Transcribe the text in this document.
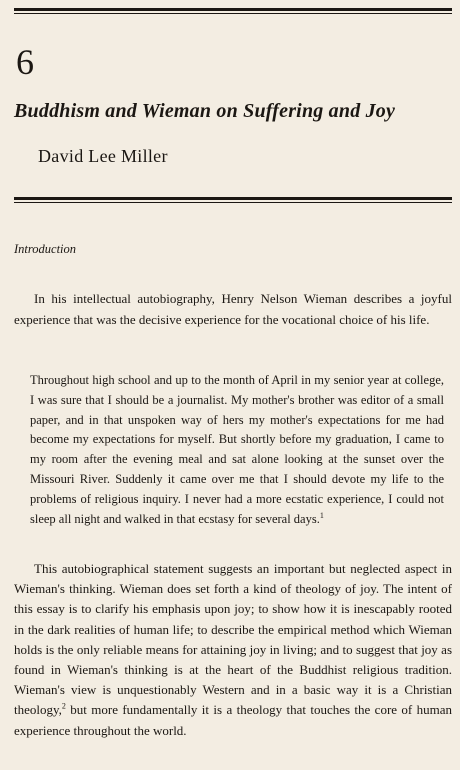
6
Buddhism and Wieman on Suffering and Joy
David Lee Miller
Introduction

In his intellectual autobiography, Henry Nelson Wieman describes a joyful experience that was the decisive experience for the vocational choice of his life.

Throughout high school and up to the month of April in my senior year at college, I was sure that I should be a journalist. My mother's brother was editor of a small paper, and in that unspoken way of hers my mother's expectations for me had become my expectations for myself. But shortly before my graduation, I came to my room after the evening meal and sat alone looking at the sunset over the Missouri River. Suddenly it came over me that I should devote my life to the problems of religious inquiry. I never had a more ecstatic experience, I could not sleep all night and walked in that ecstasy for several days.$^1$

This autobiographical statement suggests an important but neglected aspect in Wieman's thinking. Wieman does set forth a kind of theology of joy. The intent of this essay is to clarify his emphasis upon joy; to show how it is inescapably rooted in the dark realities of human life; to describe the empirical method which Wieman holds is the only reliable means for attaining joy in living; and to suggest that joy as found in Wieman's thinking is at the heart of the Buddhist religious tradition. Wieman's view is unquestionably Western and in a basic way it is a Christian theology,$^2$ but more fundamentally it is a theology that touches the core of human experience throughout the world.
